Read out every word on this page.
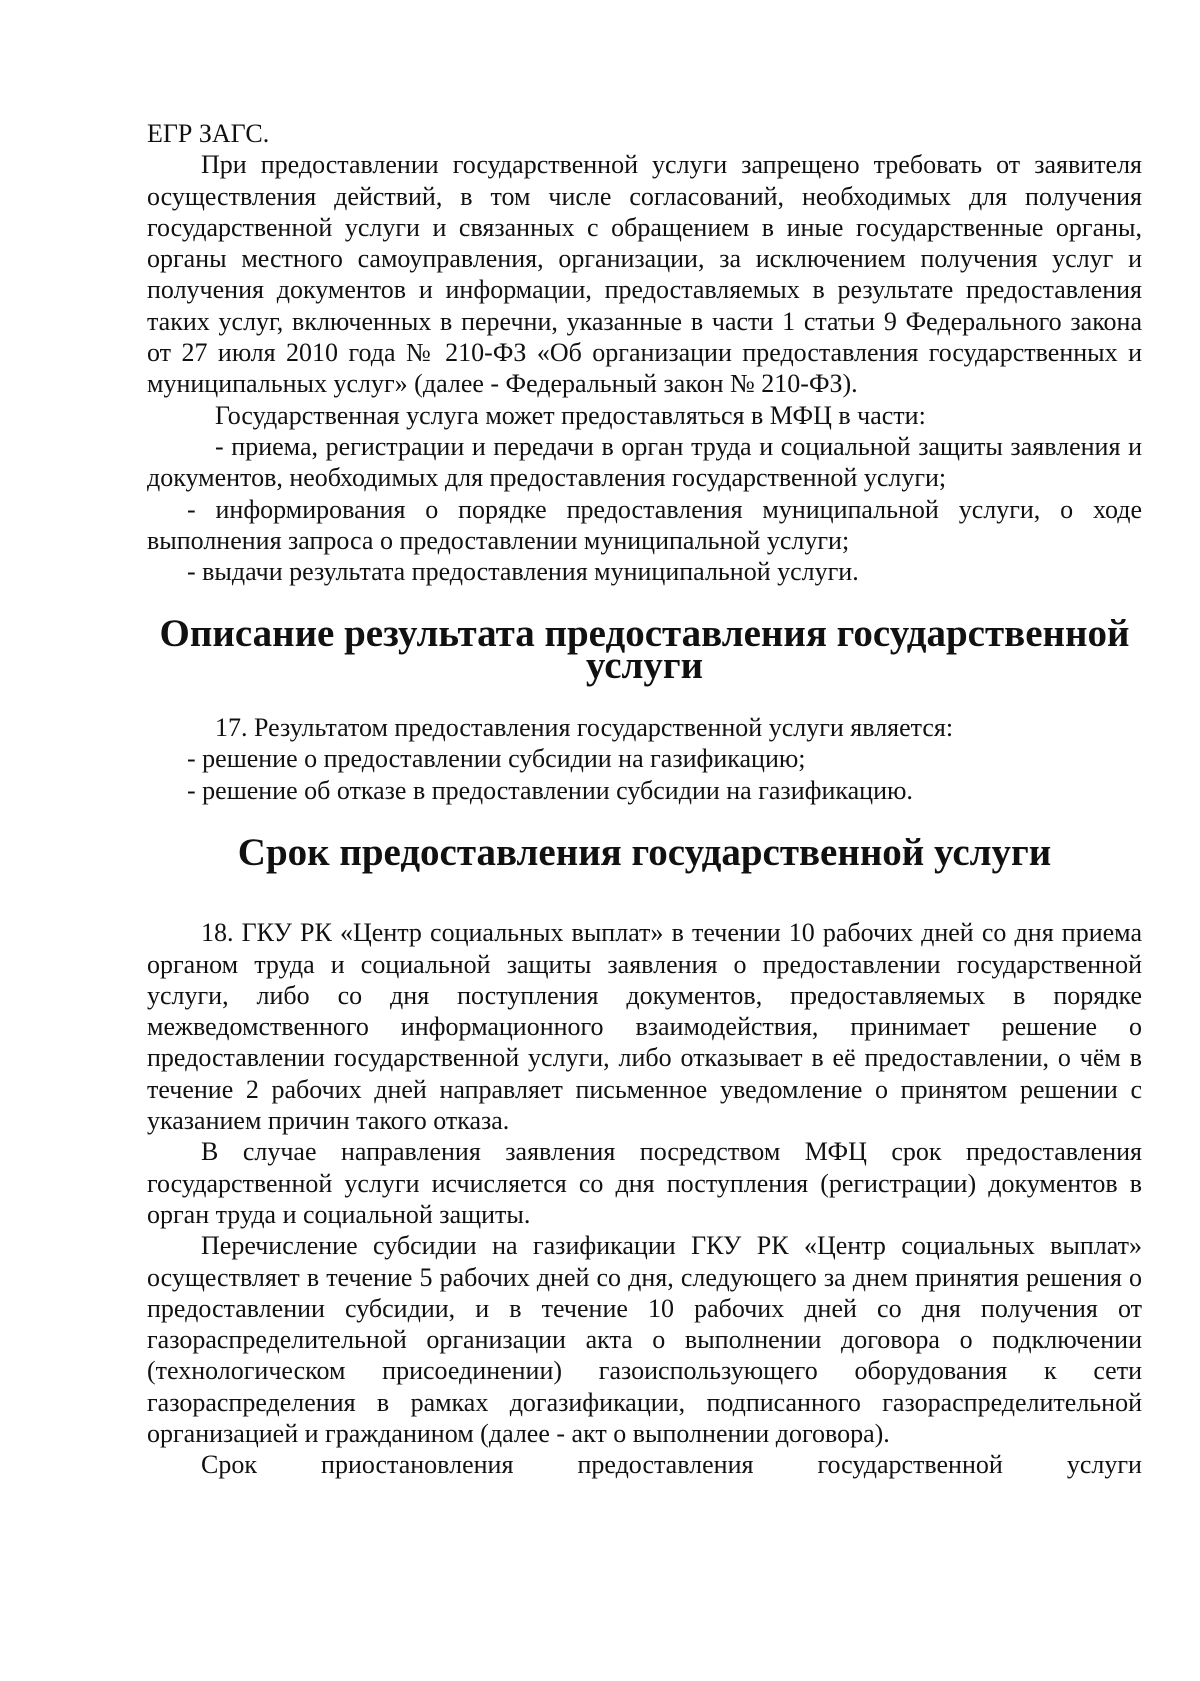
ЕГР ЗАГС.

При предоставлении государственной услуги запрещено требовать от заявителя осуществления действий, в том числе согласований, необходимых для получения государственной услуги и связанных с обращением в иные государственные органы, органы местного самоуправления, организации, за исключением получения услуг и получения документов и информации, предоставляемых в результате предоставления таких услуг, включенных в перечни, указанные в части 1 статьи 9 Федерального закона от 27 июля 2010 года № 210-ФЗ «Об организации предоставления государственных и муниципальных услуг» (далее - Федеральный закон № 210-ФЗ).

Государственная услуга может предоставляться в МФЦ в части:

- приема, регистрации и передачи в орган труда и социальной защиты заявления и документов, необходимых для предоставления государственной услуги;

- информирования о порядке предоставления муниципальной услуги, о ходе выполнения запроса о предоставлении муниципальной услуги;

- выдачи результата предоставления муниципальной услуги.

Описание результата предоставления государственной услуги

17. Результатом предоставления государственной услуги является:

- решение о предоставлении субсидии на газификацию;

- решение об отказе в предоставлении субсидии на газификацию.

Срок предоставления государственной услуги

18. ГКУ РК «Центр социальных выплат» в течении 10 рабочих дней со дня приема органом труда и социальной защиты заявления о предоставлении государственной услуги, либо со дня поступления документов, предоставляемых в порядке межведомственного информационного взаимодействия, принимает решение о предоставлении государственной услуги, либо отказывает в её предоставлении, о чём в течение 2 рабочих дней направляет письменное уведомление о принятом решении с указанием причин такого отказа.

В случае направления заявления посредством МФЦ срок предоставления государственной услуги исчисляется со дня поступления (регистрации) документов в орган труда и социальной защиты.

Перечисление субсидии на газификации ГКУ РК «Центр социальных выплат» осуществляет в течение 5 рабочих дней со дня, следующего за днем принятия решения о предоставлении субсидии, и в течение 10 рабочих дней со дня получения от газораспределительной организации акта о выполнении договора о подключении (технологическом присоединении) газоиспользующего оборудования к сети газораспределения в рамках догазификации, подписанного газораспределительной организацией и гражданином (далее - акт о выполнении договора).

Срок приостановления предоставления государственной услуги
